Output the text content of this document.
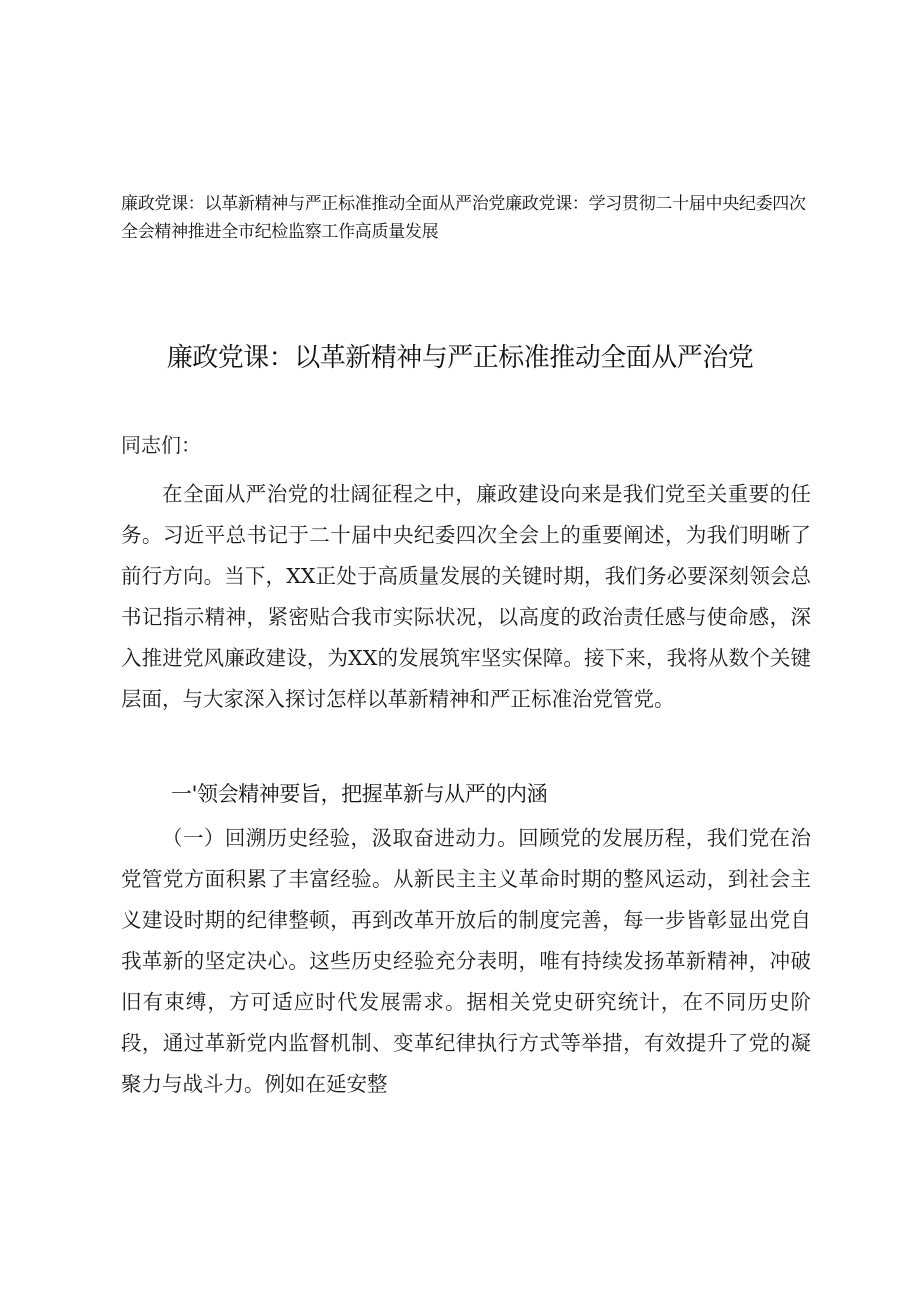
廉政党课：以革新精神与严正标准推动全面从严治党廉政党课：学习贯彻二十届中央纪委四次全会精神推进全市纪检监察工作高质量发展

廉政党课：以革新精神与严正标准推动全面从严治党

同志们：

在全面从严治党的壮阔征程之中，廉政建设向来是我们党至关重要的任务。习近平总书记于二十届中央纪委四次全会上的重要阐述，为我们明晰了前行方向。当下，XX正处于高质量发展的关键时期，我们务必要深刻领会总书记指示精神，紧密贴合我市实际状况，以高度的政治责任感与使命感，深入推进党风廉政建设，为XX的发展筑牢坚实保障。接下来，我将从数个关键层面，与大家深入探讨怎样以革新精神和严正标准治党管党。

一'领会精神要旨，把握革新与从严的内涵

（一）回溯历史经验，汲取奋进动力。回顾党的发展历程，我们党在治党管党方面积累了丰富经验。从新民主主义革命时期的整风运动，到社会主义建设时期的纪律整顿，再到改革开放后的制度完善，每一步皆彰显出党自我革新的坚定决心。这些历史经验充分表明，唯有持续发扬革新精神，冲破旧有束缚，方可适应时代发展需求。据相关党史研究统计，在不同历史阶段，通过革新党内监督机制、变革纪律执行方式等举措，有效提升了党的凝聚力与战斗力。例如在延安整
